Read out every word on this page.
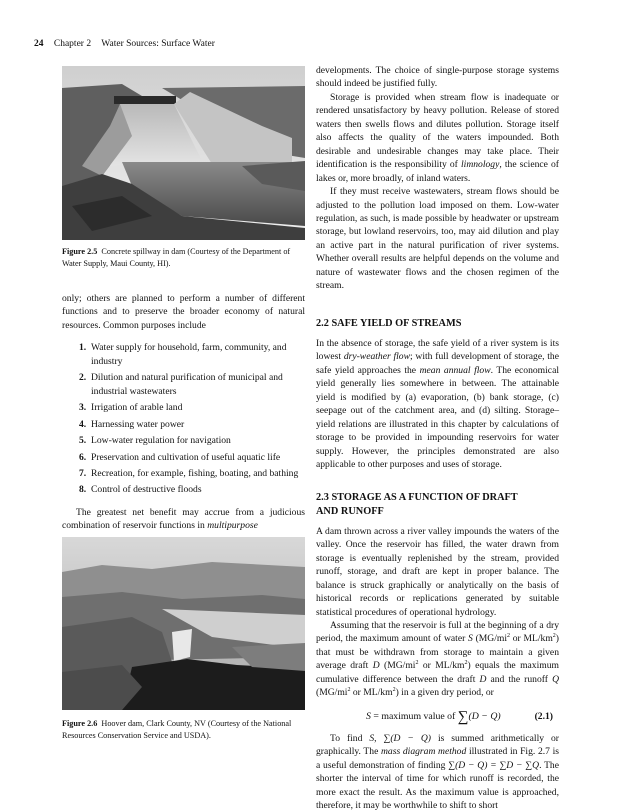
24 Chapter 2 Water Sources: Surface Water
Figure 2.5 Concrete spillway in dam (Courtesy of the Department of Water Supply, Maui County, HI).

only; others are planned to perform a number of different functions and to preserve the broader economy of natural resources. Common purposes include

1. Water supply for household, farm, community, and industry
2. Dilution and natural purification of municipal and industrial wastewaters
3. Irrigation of arable land
4. Harnessing water power
5. Low-water regulation for navigation
6. Preservation and cultivation of useful aquatic life
7. Recreation, for example, fishing, boating, and bathing
8. Control of destructive floods

The greatest net benefit may accrue from a judicious combination of reservoir functions in multipurpose

Figure 2.6 Hoover dam, Clark County, NV (Courtesy of the National Resources Conservation Service and USDA).

developments. The choice of single-purpose storage systems should indeed be justified fully.

Storage is provided when stream flow is inadequate or rendered unsatisfactory by heavy pollution. Release of stored waters then swells flows and dilutes pollution. Storage itself also affects the quality of the waters impounded. Both desirable and undesirable changes may take place. Their identification is the responsibility of limnology, the science of lakes or, more broadly, of inland waters.

If they must receive wastewaters, stream flows should be adjusted to the pollution load imposed on them. Low-water regulation, as such, is made possible by headwater or upstream storage, but lowland reservoirs, too, may aid dilution and play an active part in the natural purification of river systems. Whether overall results are helpful depends on the volume and nature of wastewater flows and the chosen regimen of the stream.

2.2 SAFE YIELD OF STREAMS

In the absence of storage, the safe yield of a river system is its lowest dry-weather flow; with full development of storage, the safe yield approaches the mean annual flow. The economical yield generally lies somewhere in between. The attainable yield is modified by (a) evaporation, (b) bank storage, (c) seepage out of the catchment area, and (d) silting. Storage–yield relations are illustrated in this chapter by calculations of storage to be provided in impounding reservoirs for water supply. However, the principles demonstrated are also applicable to other purposes and uses of storage.

2.3 STORAGE AS A FUNCTION OF DRAFT AND RUNOFF

A dam thrown across a river valley impounds the waters of the valley. Once the reservoir has filled, the water drawn from storage is eventually replenished by the stream, provided runoff, storage, and draft are kept in proper balance. The balance is struck graphically or analytically on the basis of historical records or replications generated by suitable statistical procedures of operational hydrology.

Assuming that the reservoir is full at the beginning of a dry period, the maximum amount of water S ($MG/mi^2$ or $ML/km^2$) that must be withdrawn from storage to maintain a given average draft D ($MG/mi^2$ or $ML/km^2$) equals the maximum cumulative difference between the draft D and the runoff Q ($MG/mi^2$ or $ML/km^2$) in a given dry period, or

S = maximum value of ∑(D − Q)	(2.1)

To find S, ∑(D − Q) is summed arithmetically or graphically. The mass diagram method illustrated in Fig. 2.7 is a useful demonstration of finding ∑(D − Q) = ∑D − ∑Q. The shorter the interval of time for which runoff is recorded, the more exact the result. As the maximum value is approached, therefore, it may be worthwhile to shift to short
